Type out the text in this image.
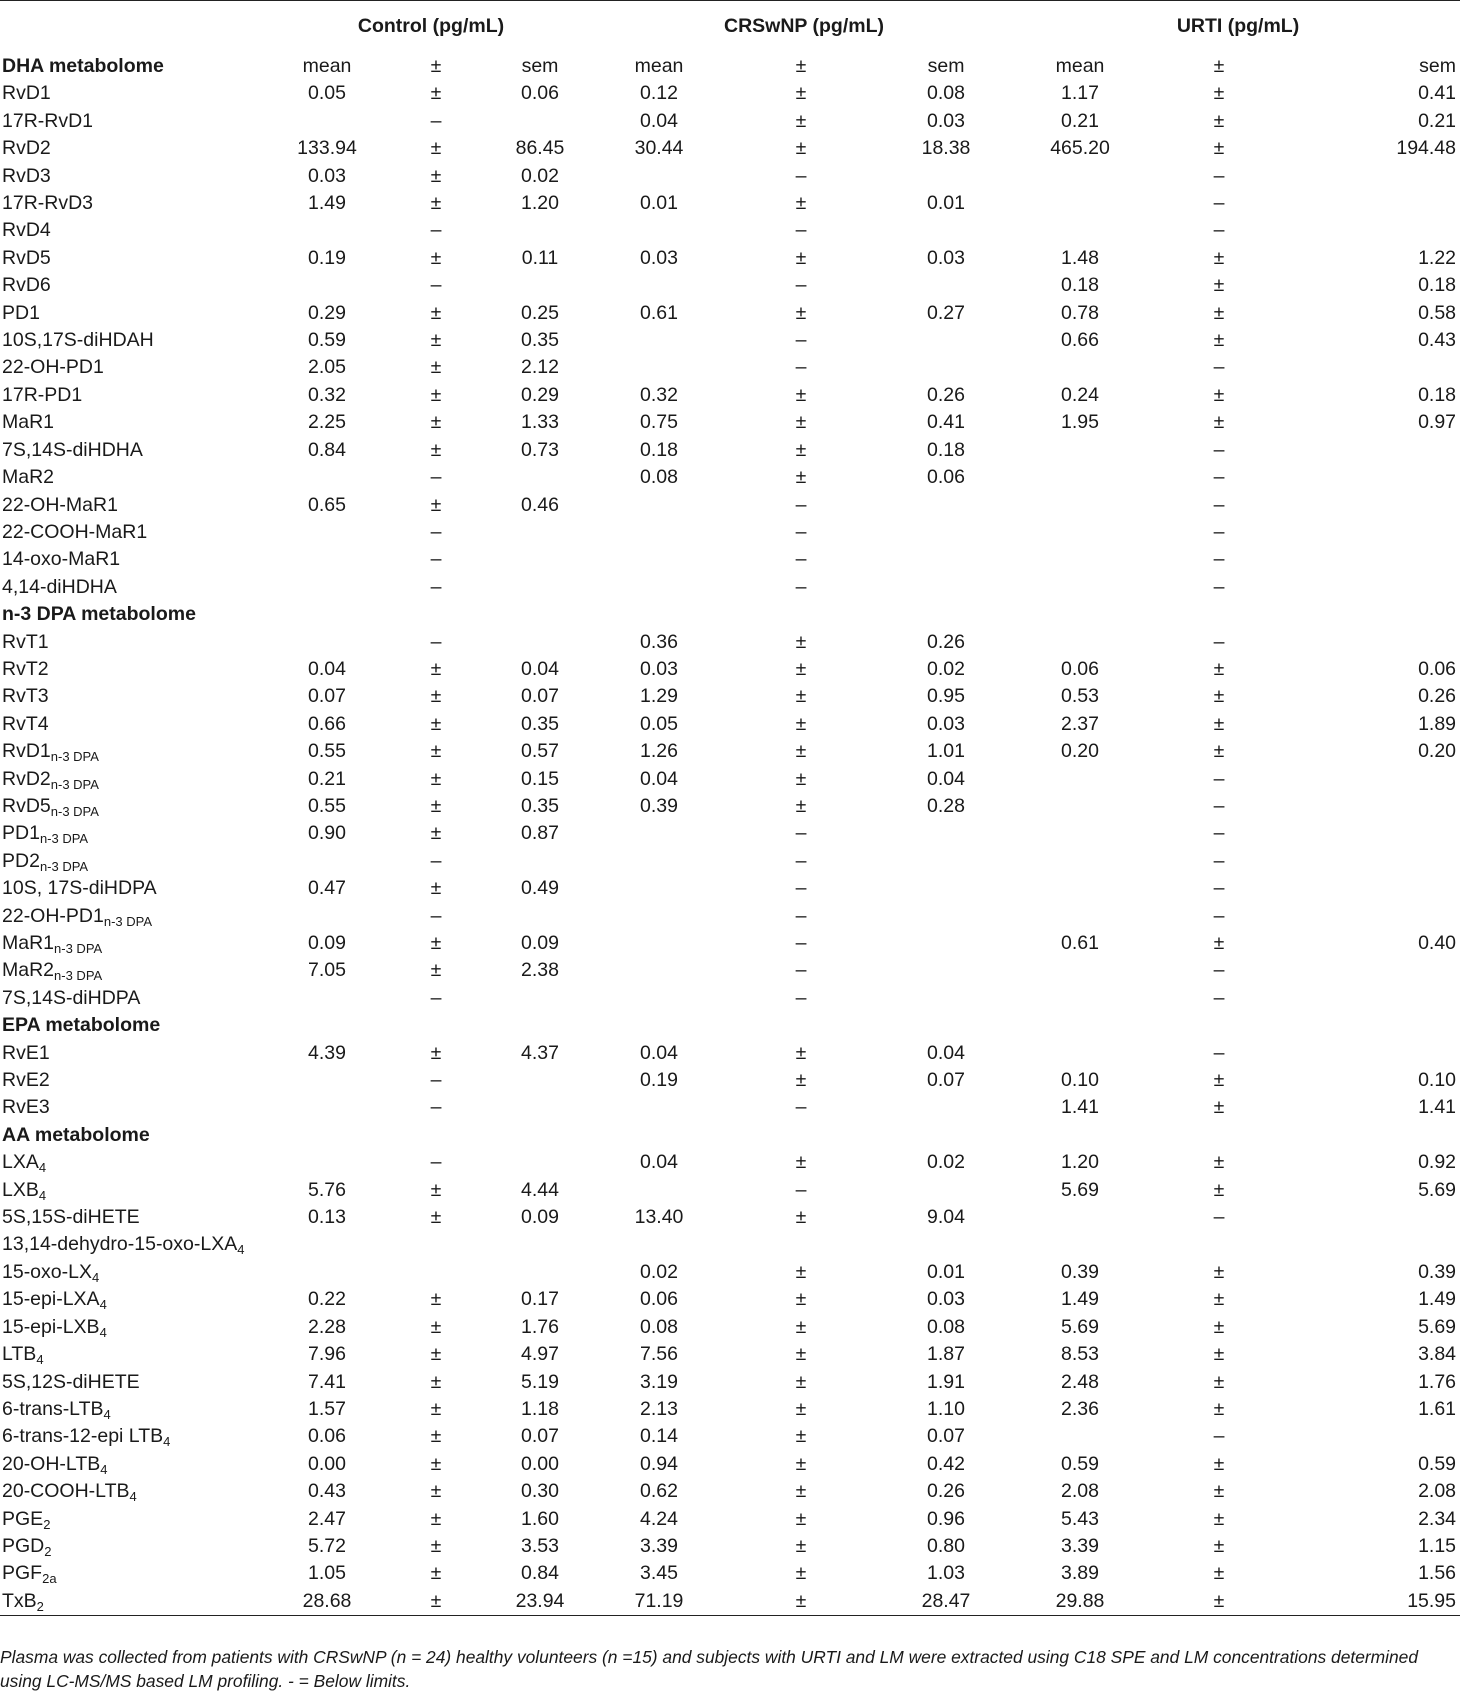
	Control (pg/mL)			CRSwNP (pg/mL)			URTI (pg/mL)		
DHA metabolome	mean	±	sem	mean	±	sem	mean	±	sem
RvD1	0.05	±	0.06	0.12	±	0.08	1.17	±	0.41
17R-RvD1		–		0.04	±	0.03	0.21	±	0.21
RvD2	133.94	±	86.45	30.44	±	18.38	465.20	±	194.48
RvD3	0.03	±	0.02		–			–	
17R-RvD3	1.49	±	1.20	0.01	±	0.01		–	
RvD4		–			–			–	
RvD5	0.19	±	0.11	0.03	±	0.03	1.48	±	1.22
RvD6		–			–		0.18	±	0.18
PD1	0.29	±	0.25	0.61	±	0.27	0.78	±	0.58
10S,17S-diHDAH	0.59	±	0.35		–		0.66	±	0.43
22-OH-PD1	2.05	±	2.12		–			–	
17R-PD1	0.32	±	0.29	0.32	±	0.26	0.24	±	0.18
MaR1	2.25	±	1.33	0.75	±	0.41	1.95	±	0.97
7S,14S-diHDHA	0.84	±	0.73	0.18	±	0.18		–	
MaR2		–		0.08	±	0.06		–	
22-OH-MaR1	0.65	±	0.46		–			–	
22-COOH-MaR1		–			–			–	
14-oxo-MaR1		–			–			–	
4,14-diHDHA		–			–			–	
n-3 DPA metabolome									
RvT1		–		0.36	±	0.26		–	
RvT2	0.04	±	0.04	0.03	±	0.02	0.06	±	0.06
RvT3	0.07	±	0.07	1.29	±	0.95	0.53	±	0.26
RvT4	0.66	±	0.35	0.05	±	0.03	2.37	±	1.89
$RvD1_{n-3 DPA}$	0.55	±	0.57	1.26	±	1.01	0.20	±	0.20
$RvD2_{n-3 DPA}$	0.21	±	0.15	0.04	±	0.04		–	
$RvD5_{n-3 DPA}$	0.55	±	0.35	0.39	±	0.28		–	
$PD1_{n-3 DPA}$	0.90	±	0.87		–			–	
$PD2_{n-3 DPA}$		–			–			–	
10S, 17S-diHDPA	0.47	±	0.49		–			–	
$22-OH-PD1_{n-3 DPA}$		–			–			–	
$MaR1_{n-3 DPA}$	0.09	±	0.09		–		0.61	±	0.40
$MaR2_{n-3 DPA}$	7.05	±	2.38		–			–	
7S,14S-diHDPA		–			–			–	
EPA metabolome									
RvE1	4.39	±	4.37	0.04	±	0.04		–	
RvE2		–		0.19	±	0.07	0.10	±	0.10
RvE3		–			–		1.41	±	1.41
AA metabolome									
$LXA_4$		–		0.04	±	0.02	1.20	±	0.92
$LXB_4$	5.76	±	4.44		–		5.69	±	5.69
5S,15S-diHETE	0.13	±	0.09	13.40	±	9.04		–	
$13,14-dehydro-15-oxo-LXA_4$									
$15-oxo-LX_4$				0.02	±	0.01	0.39	±	0.39
$15-epi-LXA_4$	0.22	±	0.17	0.06	±	0.03	1.49	±	1.49
$15-epi-LXB_4$	2.28	±	1.76	0.08	±	0.08	5.69	±	5.69
$LTB_4$	7.96	±	4.97	7.56	±	1.87	8.53	±	3.84
5S,12S-diHETE	7.41	±	5.19	3.19	±	1.91	2.48	±	1.76
$6-trans-LTB_4$	1.57	±	1.18	2.13	±	1.10	2.36	±	1.61
6-trans-12-epi $LTB_4$	0.06	±	0.07	0.14	±	0.07		–	
$20-OH-LTB_4$	0.00	±	0.00	0.94	±	0.42	0.59	±	0.59
$20-COOH-LTB_4$	0.43	±	0.30	0.62	±	0.26	2.08	±	2.08
$PGE_2$	2.47	±	1.60	4.24	±	0.96	5.43	±	2.34
$PGD_2$	5.72	±	3.53	3.39	±	0.80	3.39	±	1.15
$PGF_{2a}$	1.05	±	0.84	3.45	±	1.03	3.89	±	1.56
TxB$_2$	28.68	±	23.94	71.19	±	28.47	29.88	±	15.95
Plasma was collected from patients with CRSwNP (n = 24) healthy volunteers (n =15) and subjects with URTI and LM were extracted using C18 SPE and LM concentrations determined using LC-MS/MS based LM profiling. - = Below limits.
